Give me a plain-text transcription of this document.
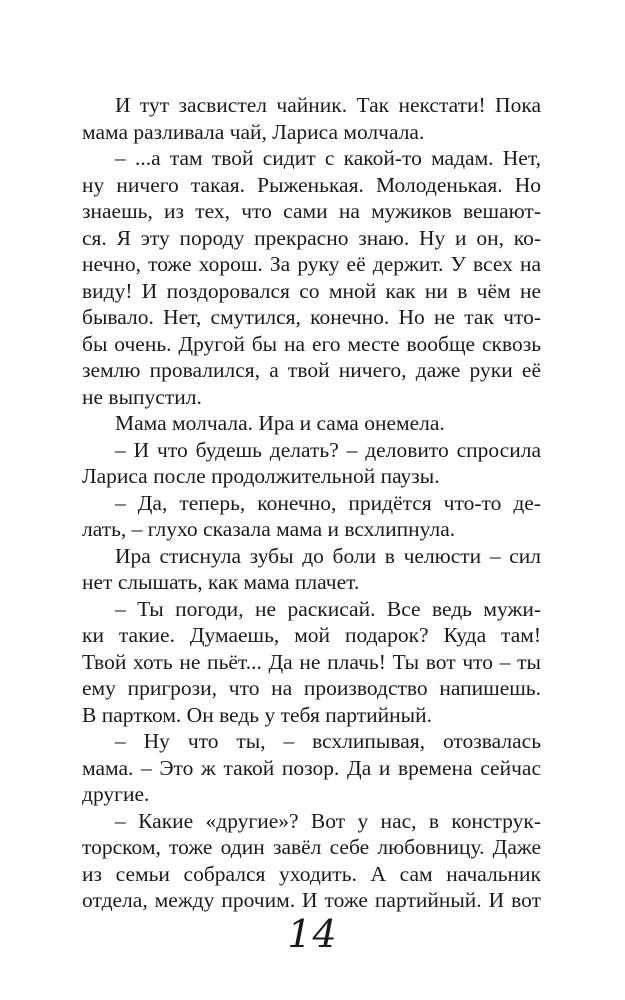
И тут засвистел чайник. Так некстати! Пока
мама разливала чай, Лариса молчала.
– ...а там твой сидит с какой-то мадам. Нет,
ну ничего такая. Рыженькая. Молоденькая. Но
знаешь, из тех, что сами на мужиков вешают-
ся. Я эту породу прекрасно знаю. Ну и он, ко-
нечно, тоже хорош. За руку её держит. У всех на
виду! И поздоровался со мной как ни в чём не
бывало. Нет, смутился, конечно. Но не так что-
бы очень. Другой бы на его месте вообще сквозь
землю провалился, а твой ничего, даже руки её
не выпустил.
Мама молчала. Ира и сама онемела.
– И что будешь делать? – деловито спросила
Лариса после продолжительной паузы.
– Да, теперь, конечно, придётся что-то де-
лать, – глухо сказала мама и всхлипнула.
Ира стиснула зубы до боли в челюсти – сил
нет слышать, как мама плачет.
– Ты погоди, не раскисай. Все ведь мужи-
ки такие. Думаешь, мой подарок? Куда там!
Твой хоть не пьёт... Да не плачь! Ты вот что – ты
ему пригрози, что на производство напишешь.
В партком. Он ведь у тебя партийный.
– Ну что ты, – всхлипывая, отозвалась
мама. – Это ж такой позор. Да и времена сейчас
другие.
– Какие «другие»? Вот у нас, в конструк-
торском, тоже один завёл себе любовницу. Даже
из семьи собрался уходить. А сам начальник
отдела, между прочим. И тоже партийный. И вот
14
